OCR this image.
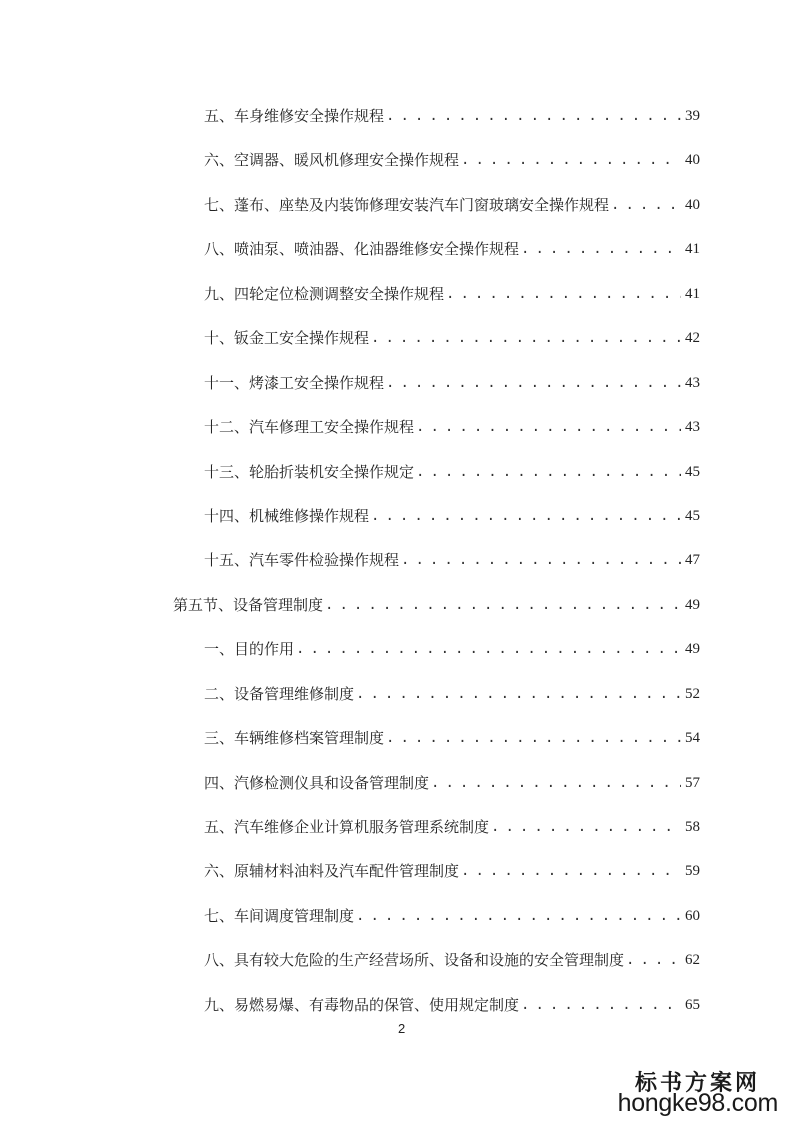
五、车身维修安全操作规程 . . .	39
六、空调器、暖风机修理安全操作规程 . . .	40
七、蓬布、座垫及内装饰修理安装汽车门窗玻璃安全操作规程 . . .	40
八、喷油泵、喷油器、化油器维修安全操作规程 . . .	41
九、四轮定位检测调整安全操作规程 . . .	41
十、钣金工安全操作规程 . . .	42
十一、烤漆工安全操作规程 . . .	43
十二、汽车修理工安全操作规程 . . .	43
十三、轮胎折装机安全操作规定 . . .	45
十四、机械维修操作规程 . . .	45
十五、汽车零件检验操作规程 . . .	47
第五节、设备管理制度 . . .	49
一、目的作用 . . .	49
二、设备管理维修制度 . . .	52
三、车辆维修档案管理制度 . . .	54
四、汽修检测仪具和设备管理制度 . . .	57
五、汽车维修企业计算机服务管理系统制度 . . .	58
六、原辅材料油料及汽车配件管理制度 . . .	59
七、车间调度管理制度 . . .	60
八、具有较大危险的生产经营场所、设备和设施的安全管理制度 . . .	62
九、易燃易爆、有毒物品的保管、使用规定制度 . . .	65
2
标书方案网
hongke98.com
